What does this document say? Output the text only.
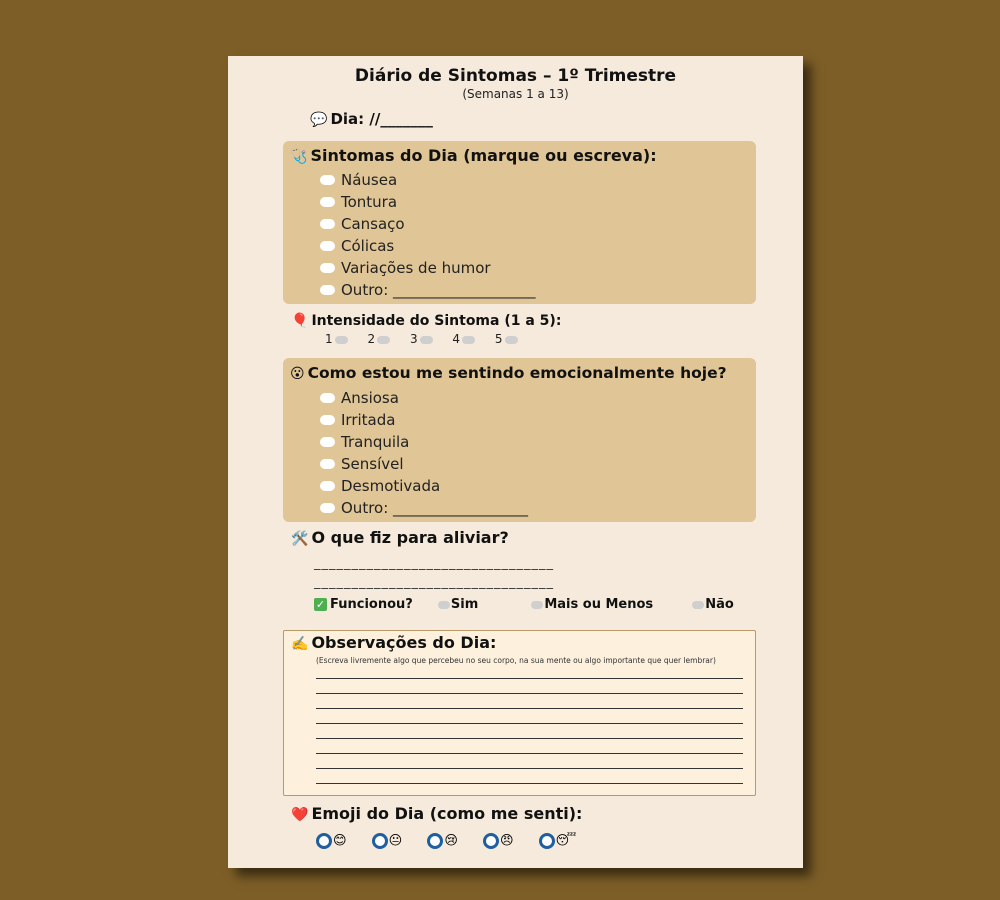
Diário de Sintomas – 1º Trimestre
(Semanas 1 a 13)
💬 Dia: //_______
🩺 Sintomas do Dia (marque ou escreva):
Náusea
Tontura
Cansaço
Cólicas
Variações de humor
Outro: ___________________
🎈 Intensidade do Sintoma (1 a 5):
1	2	3	4	5
😮 Como estou me sentindo emocionalmente hoje?
Ansiosa
Irritada
Tranquila
Sensível
Desmotivada
Outro: __________________
🛠️ O que fiz para aliviar?
________________________________
________________________________
✓ Funcionou?	Sim	Mais ou Menos	Não
✍️ Observações do Dia:
(Escreva livremente algo que percebeu no seu corpo, na sua mente ou algo importante que quer lembrar)
❤️ Emoji do Dia (como me senti):
😊	😐	😢	😠	😴
